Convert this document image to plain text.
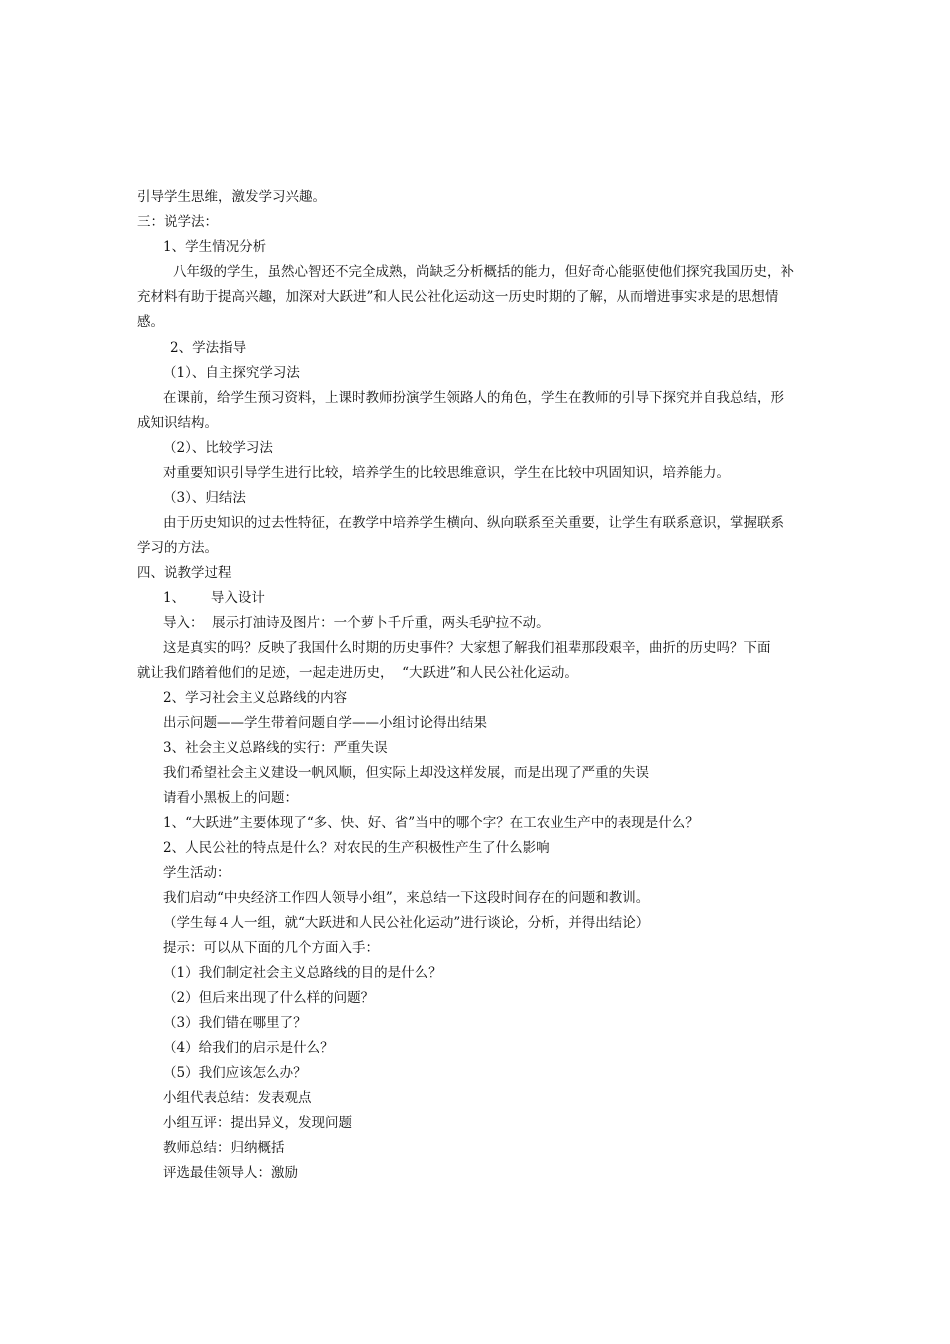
引导学生思维，激发学习兴趣。
三：说学法：
1、学生情况分析
八年级的学生，虽然心智还不完全成熟，尚缺乏分析概括的能力，但好奇心能驱使他们探究我国历史，补
充材料有助于提高兴趣，加深对大跃进”和人民公社化运动这一历史时期的了解，从而增进事实求是的思想情
感。
2、学法指导
（1）、自主探究学习法
在课前，给学生预习资料，上课时教师扮演学生领路人的角色，学生在教师的引导下探究并自我总结，形
成知识结构。
（2）、比较学习法
对重要知识引导学生进行比较，培养学生的比较思维意识，学生在比较中巩固知识，培养能力。
（3）、归结法
由于历史知识的过去性特征，在教学中培养学生横向、纵向联系至关重要，让学生有联系意识，掌握联系
学习的方法。
四、说教学过程
1、      导入设计
导入：  展示打油诗及图片：一个萝卜千斤重，两头毛驴拉不动。
这是真实的吗？反映了我国什么时期的历史事件？大家想了解我们祖辈那段艰辛，曲折的历史吗？下面
就让我们踏着他们的足迹，一起走进历史，  “大跃进”和人民公社化运动。
2、学习社会主义总路线的内容
出示问题——学生带着问题自学——小组讨论得出结果
3、社会主义总路线的实行：严重失误
我们希望社会主义建设一帆风顺，但实际上却没这样发展，而是出现了严重的失误
请看小黑板上的问题：
1、“大跃进”主要体现了“多、快、好、省”当中的哪个字？在工农业生产中的表现是什么？
2、人民公社的特点是什么？对农民的生产积极性产生了什么影响
学生活动：
我们启动“中央经济工作四人领导小组”，来总结一下这段时间存在的问题和教训。
（学生每４人一组，就“大跃进和人民公社化运动”进行谈论，分析，并得出结论）
提示：可以从下面的几个方面入手：
（1）我们制定社会主义总路线的目的是什么？
（2）但后来出现了什么样的问题？
（3）我们错在哪里了？
（4）给我们的启示是什么？
（5）我们应该怎么办？
小组代表总结：发表观点
小组互评：提出异义，发现问题
教师总结：归纳概括
评选最佳领导人：激励
